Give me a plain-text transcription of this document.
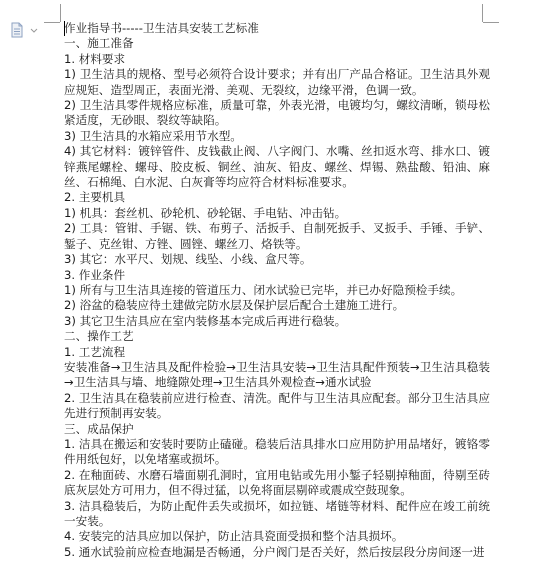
作业指导书-----卫生洁具安装工艺标准

一、施工准备

1. 材料要求

1) 卫生洁具的规格、型号必须符合设计要求；并有出厂产品合格证。卫生洁具外观应规矩、造型周正，表面光滑、美观、无裂纹，边缘平滑，色调一致。

2) 卫生洁具零件规格应标准，质量可靠，外表光滑，电镀均匀，螺纹清晰，锁母松紧适度，无砂眼、裂纹等缺陷。

3) 卫生洁具的水箱应采用节水型。

4) 其它材料：镀锌管件、皮钱截止阀、八字阀门、水嘴、丝扣返水弯、排水口、镀锌燕尾螺栓、螺母、胶皮板、铜丝、油灰、铅皮、螺丝、焊锡、熟盐酸、铅油、麻丝、石棉绳、白水泥、白灰膏等均应符合材料标准要求。

2. 主要机具

1) 机具：套丝机、砂轮机、砂轮锯、手电钻、冲击钻。

2) 工具：管钳、手锯、铁、布剪子、活扳手、自制死扳手、叉扳手、手锤、手铲、錾子、克丝钳、方锉、圆锉、螺丝刀、烙铁等。

3) 其它：水平尺、划规、线坠、小线、盒尺等。

3. 作业条件

1) 所有与卫生洁具连接的管道压力、闭水试验已完毕，并已办好隐预检手续。

2) 浴盆的稳装应待土建做完防水层及保护层后配合土建施工进行。

3) 其它卫生洁具应在室内装修基本完成后再进行稳装。

二、操作工艺

1. 工艺流程

安装准备→卫生洁具及配件检验→卫生洁具安装→卫生洁具配件预装→卫生洁具稳装→卫生洁具与墙、地缝隙处理→卫生洁具外观检查→通水试验

2. 卫生洁具在稳装前应进行检查、清洗。配件与卫生洁具应配套。部分卫生洁具应先进行预制再安装。

三、成品保护

1. 洁具在搬运和安装时要防止磕碰。稳装后洁具排水口应用防护用品堵好，镀铬零件用纸包好，以免堵塞或损坏。

2. 在釉面砖、水磨石墙面剔孔洞时，宜用电钻或先用小錾子轻剔掉釉面，待剔至砖底灰层处方可用力，但不得过猛，以免将面层剔碎或震成空鼓现象。

3. 洁具稳装后，为防止配件丢失或损坏，如拉链、堵链等材料、配件应在竣工前统一安装。

4. 安装完的洁具应加以保护，防止洁具瓷面受损和整个洁具损坏。

5. 通水试验前应检查地漏是否畅通，分户阀门是否关好，然后按层段分房间逐一进
